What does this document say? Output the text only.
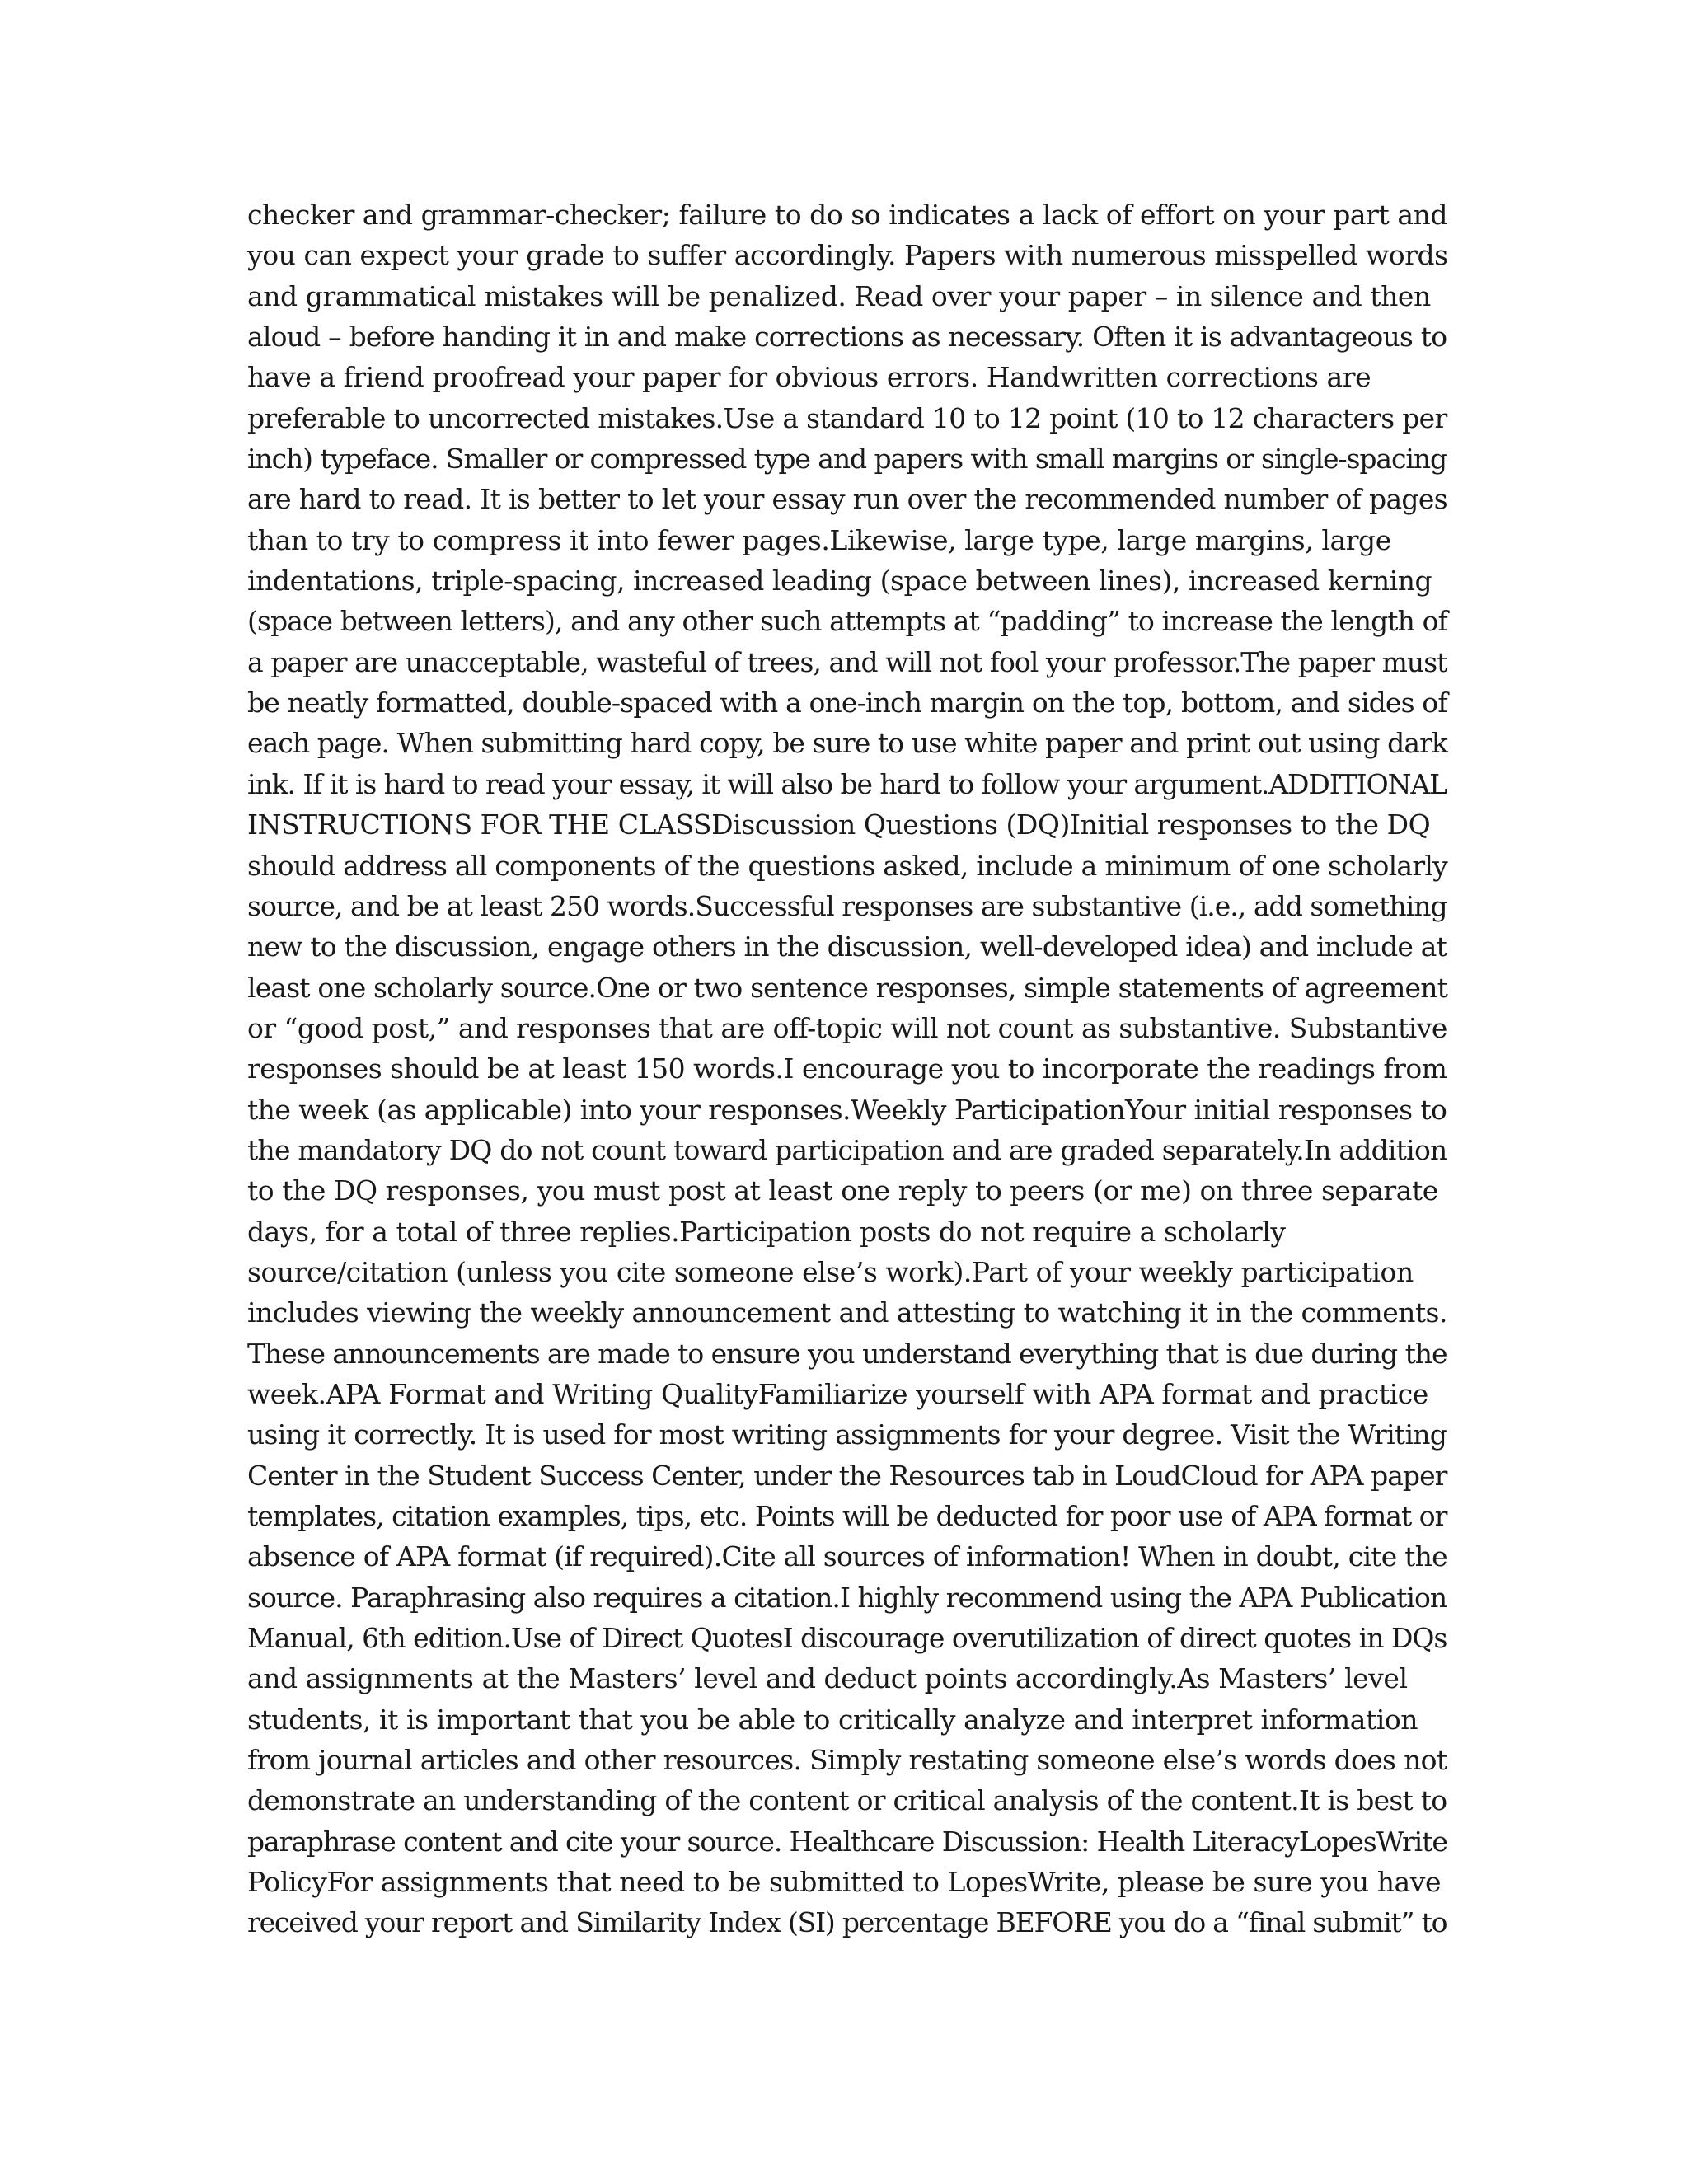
checker and grammar-checker; failure to do so indicates a lack of effort on your part and
you can expect your grade to suffer accordingly. Papers with numerous misspelled words
and grammatical mistakes will be penalized. Read over your paper – in silence and then
aloud – before handing it in and make corrections as necessary. Often it is advantageous to
have a friend proofread your paper for obvious errors. Handwritten corrections are
preferable to uncorrected mistakes.Use a standard 10 to 12 point (10 to 12 characters per
inch) typeface. Smaller or compressed type and papers with small margins or single-spacing
are hard to read. It is better to let your essay run over the recommended number of pages
than to try to compress it into fewer pages.Likewise, large type, large margins, large
indentations, triple-spacing, increased leading (space between lines), increased kerning
(space between letters), and any other such attempts at “padding” to increase the length of
a paper are unacceptable, wasteful of trees, and will not fool your professor.The paper must
be neatly formatted, double-spaced with a one-inch margin on the top, bottom, and sides of
each page. When submitting hard copy, be sure to use white paper and print out using dark
ink. If it is hard to read your essay, it will also be hard to follow your argument.ADDITIONAL
INSTRUCTIONS FOR THE CLASSDiscussion Questions (DQ)Initial responses to the DQ
should address all components of the questions asked, include a minimum of one scholarly
source, and be at least 250 words.Successful responses are substantive (i.e., add something
new to the discussion, engage others in the discussion, well-developed idea) and include at
least one scholarly source.One or two sentence responses, simple statements of agreement
or “good post,” and responses that are off-topic will not count as substantive. Substantive
responses should be at least 150 words.I encourage you to incorporate the readings from
the week (as applicable) into your responses.Weekly ParticipationYour initial responses to
the mandatory DQ do not count toward participation and are graded separately.In addition
to the DQ responses, you must post at least one reply to peers (or me) on three separate
days, for a total of three replies.Participation posts do not require a scholarly
source/citation (unless you cite someone else’s work).Part of your weekly participation
includes viewing the weekly announcement and attesting to watching it in the comments.
These announcements are made to ensure you understand everything that is due during the
week.APA Format and Writing QualityFamiliarize yourself with APA format and practice
using it correctly. It is used for most writing assignments for your degree. Visit the Writing
Center in the Student Success Center, under the Resources tab in LoudCloud for APA paper
templates, citation examples, tips, etc. Points will be deducted for poor use of APA format or
absence of APA format (if required).Cite all sources of information! When in doubt, cite the
source. Paraphrasing also requires a citation.I highly recommend using the APA Publication
Manual, 6th edition.Use of Direct QuotesI discourage overutilization of direct quotes in DQs
and assignments at the Masters’ level and deduct points accordingly.As Masters’ level
students, it is important that you be able to critically analyze and interpret information
from journal articles and other resources. Simply restating someone else’s words does not
demonstrate an understanding of the content or critical analysis of the content.It is best to
paraphrase content and cite your source. Healthcare Discussion: Health LiteracyLopesWrite
PolicyFor assignments that need to be submitted to LopesWrite, please be sure you have
received your report and Similarity Index (SI) percentage BEFORE you do a “final submit” to
